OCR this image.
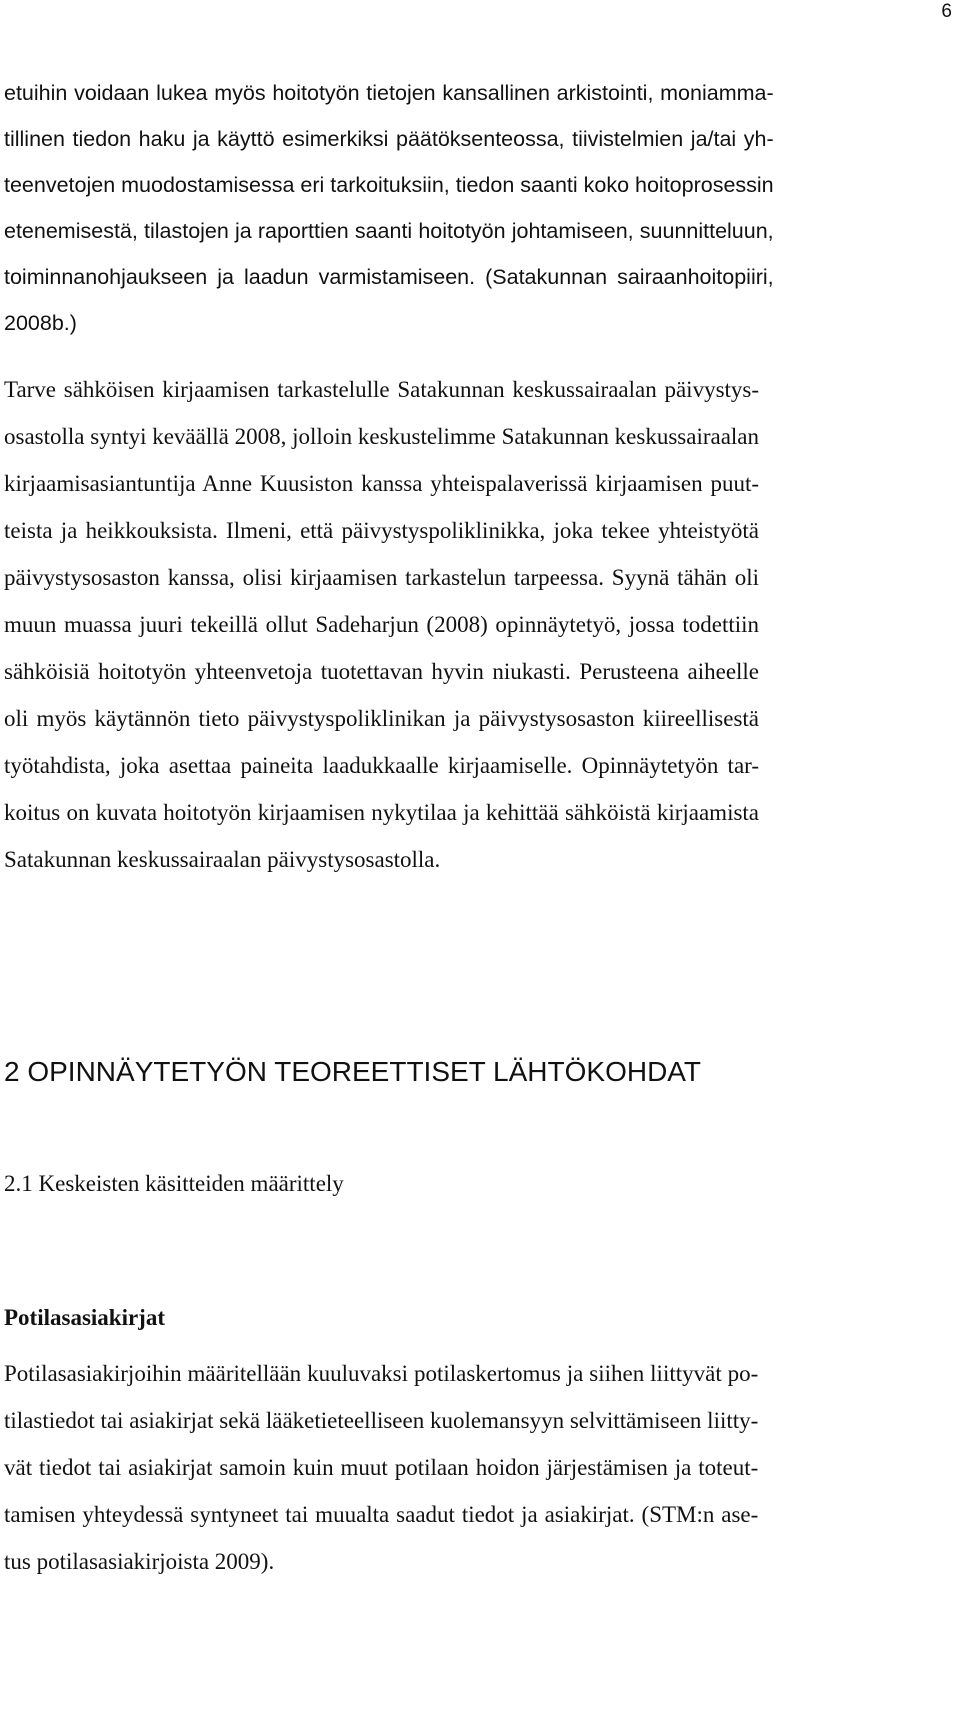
6
etuihin voidaan lukea myös hoitotyön tietojen kansallinen arkistointi, moniamma-
tillinen tiedon haku ja käyttö esimerkiksi päätöksenteossa, tiivistelmien ja/tai yh-
teenvetojen muodostamisessa eri tarkoituksiin, tiedon saanti koko hoitoprosessin
etenemisestä, tilastojen ja raporttien saanti hoitotyön johtamiseen, suunnitteluun,
toiminnanohjaukseen ja laadun varmistamiseen. (Satakunnan sairaanhoitopiiri,
2008b.)
Tarve sähköisen kirjaamisen tarkastelulle Satakunnan keskussairaalan päivystys-
osastolla syntyi keväällä 2008, jolloin keskustelimme Satakunnan keskussairaalan
kirjaamisasiantuntija Anne Kuusiston kanssa yhteispalaverissä kirjaamisen puut-
teista ja heikkouksista. Ilmeni, että päivystyspoliklinikka, joka tekee yhteistyötä
päivystysosaston kanssa, olisi kirjaamisen tarkastelun tarpeessa. Syynä tähän oli
muun muassa juuri tekeillä ollut Sadeharjun (2008) opinnäytetyö, jossa todettiin
sähköisiä hoitotyön yhteenvetoja tuotettavan hyvin niukasti. Perusteena aiheelle
oli myös käytännön tieto päivystyspoliklinikan ja päivystysosaston kiireellisestä
työtahdista, joka asettaa paineita laadukkaalle kirjaamiselle. Opinnäytetyön tar-
koitus on kuvata hoitotyön kirjaamisen nykytilaa ja kehittää sähköistä kirjaamista
Satakunnan keskussairaalan päivystysosastolla.
2 OPINNÄYTETYÖN TEOREETTISET LÄHTÖKOHDAT
2.1 Keskeisten käsitteiden määrittely
Potilasasiakirjat
Potilasasiakirjoihin määritellään kuuluvaksi potilaskertomus ja siihen liittyvät po-
tilastiedot tai asiakirjat sekä lääketieteelliseen kuolemansyyn selvittämiseen liitty-
vät tiedot tai asiakirjat samoin kuin muut potilaan hoidon järjestämisen ja toteut-
tamisen yhteydessä syntyneet tai muualta saadut tiedot ja asiakirjat. (STM:n ase-
tus potilasasiakirjoista 2009).
